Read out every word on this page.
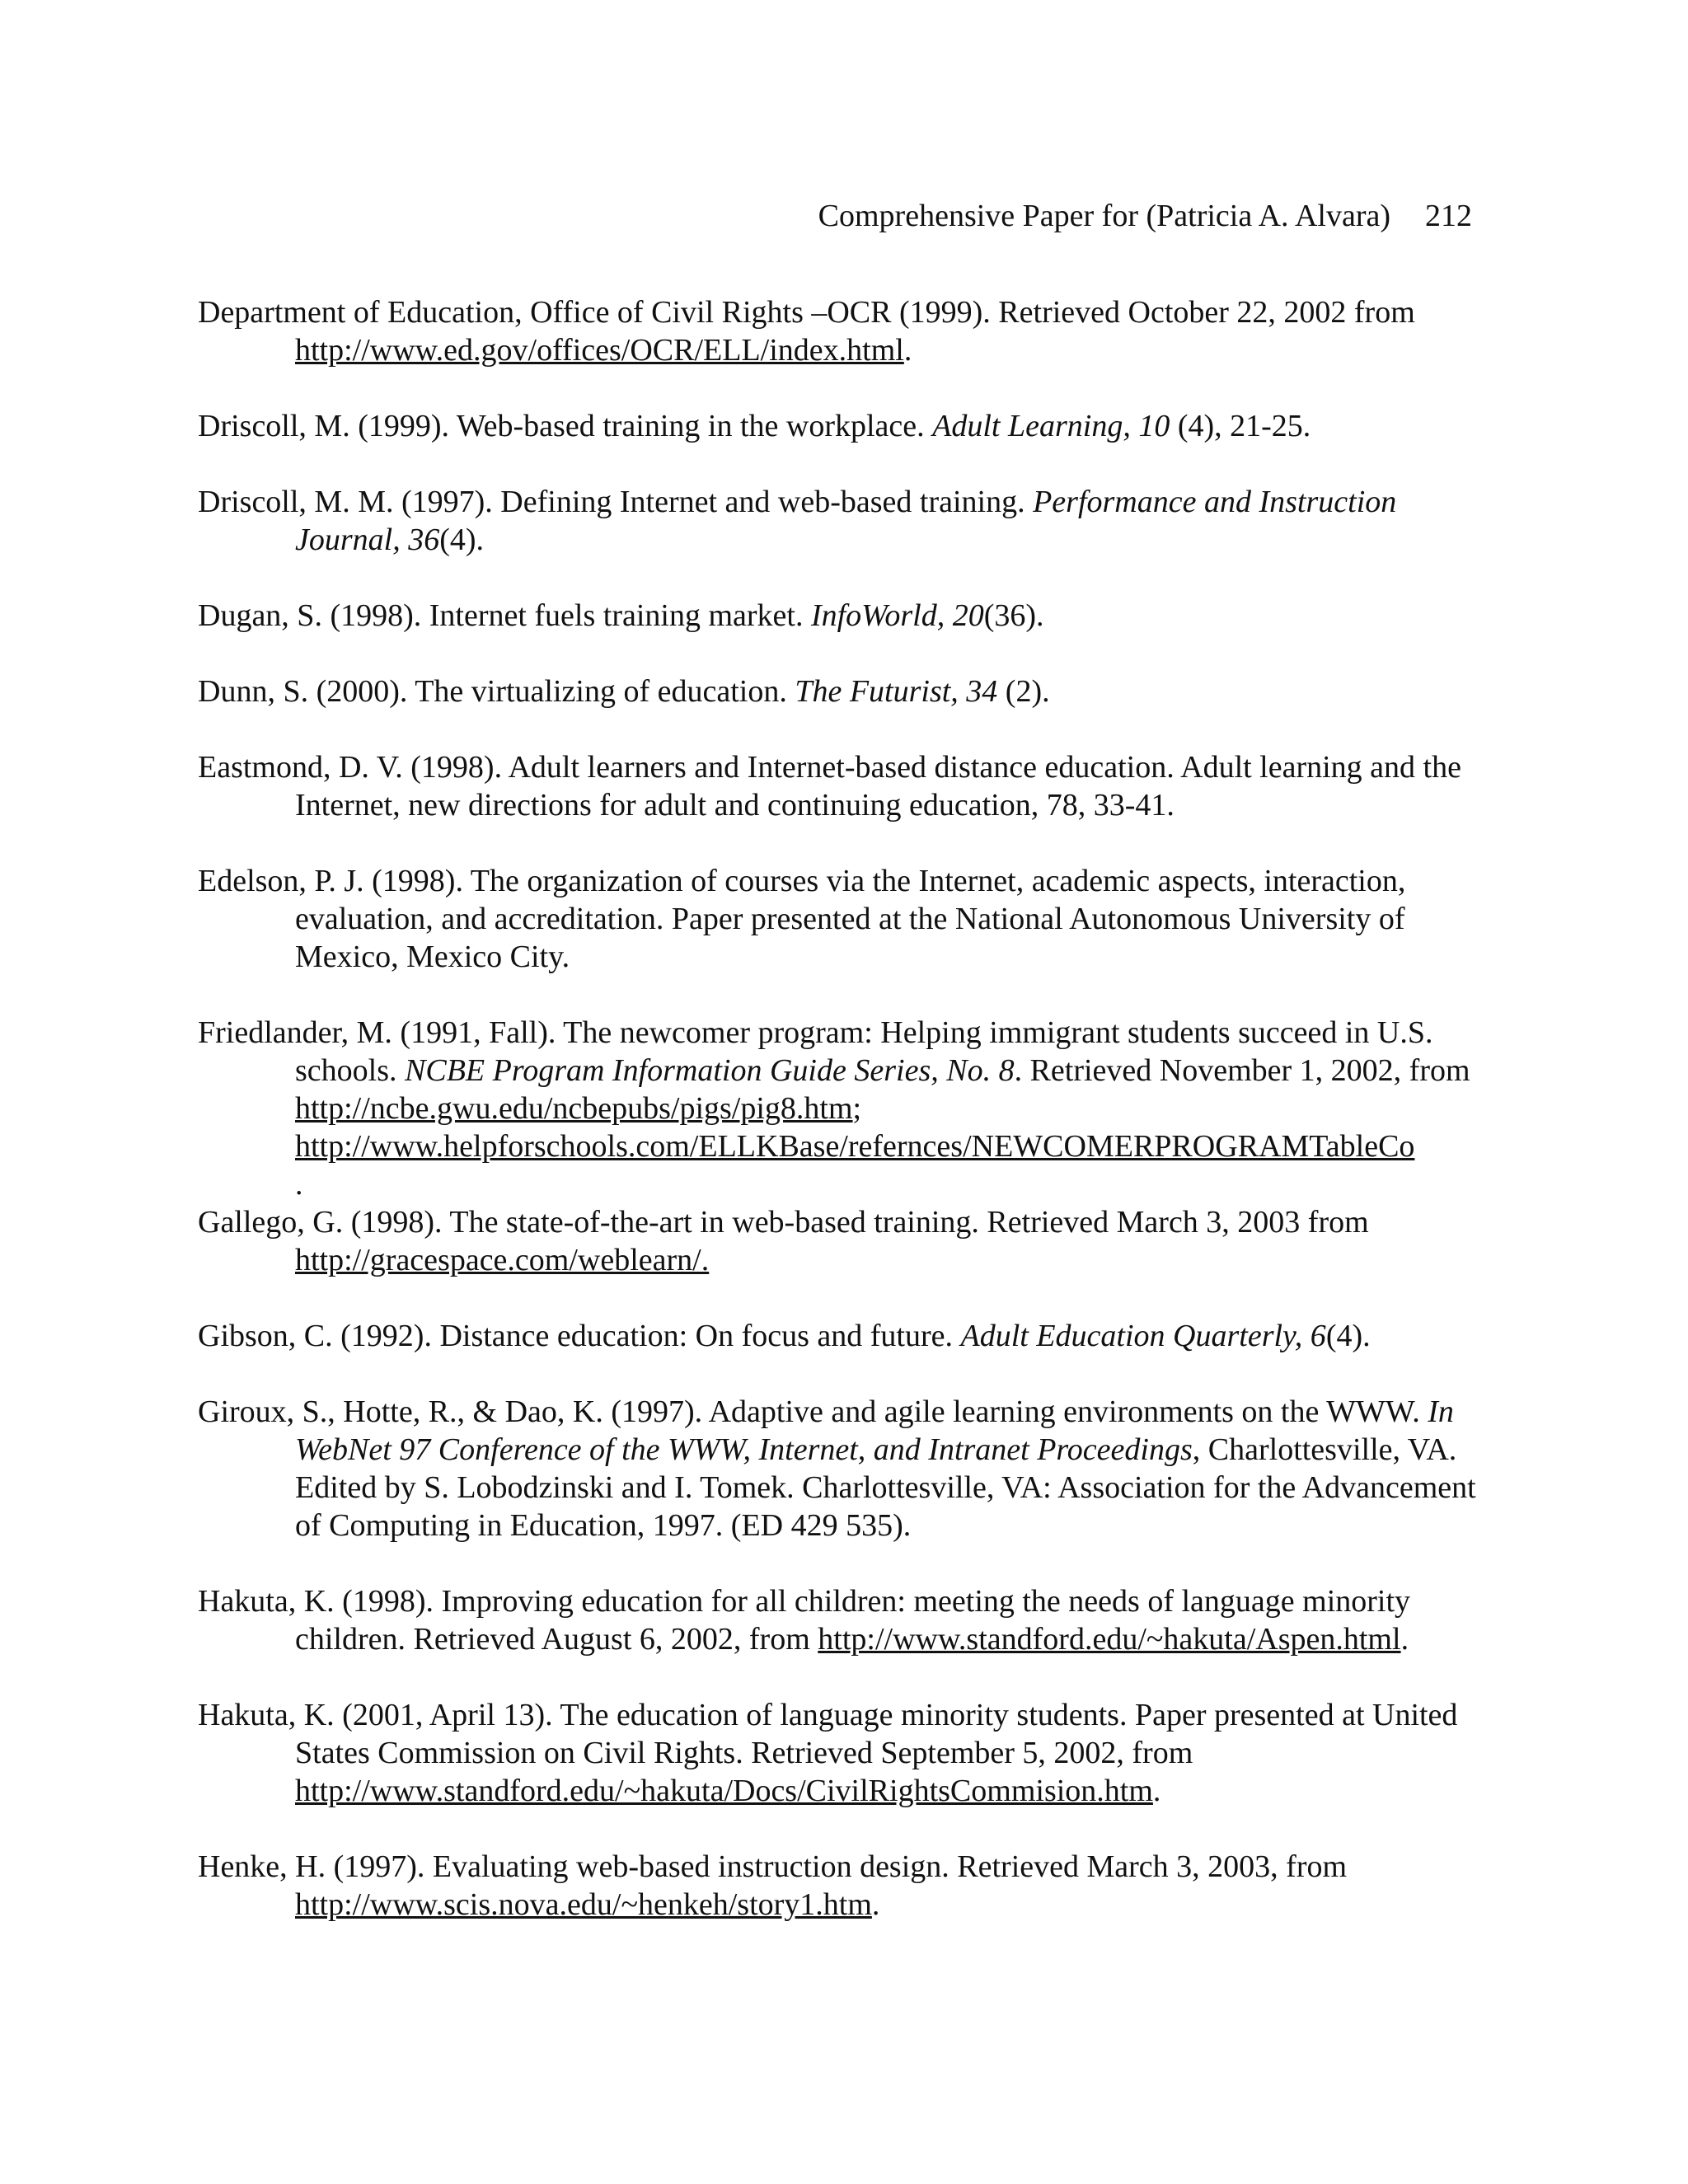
Comprehensive Paper for (Patricia A. Alvara) 212

Department of Education, Office of Civil Rights –OCR (1999). Retrieved October 22, 2002 from http://www.ed.gov/offices/OCR/ELL/index.html.

Driscoll, M. (1999). Web-based training in the workplace. Adult Learning, 10 (4), 21-25.

Driscoll, M. M. (1997). Defining Internet and web-based training. Performance and Instruction Journal, 36(4).

Dugan, S. (1998). Internet fuels training market. InfoWorld, 20(36).

Dunn, S. (2000). The virtualizing of education. The Futurist, 34 (2).

Eastmond, D. V. (1998). Adult learners and Internet-based distance education. Adult learning and the Internet, new directions for adult and continuing education, 78, 33-41.

Edelson, P. J. (1998). The organization of courses via the Internet, academic aspects, interaction, evaluation, and accreditation. Paper presented at the National Autonomous University of Mexico, Mexico City.

Friedlander, M. (1991, Fall). The newcomer program: Helping immigrant students succeed in U.S. schools. NCBE Program Information Guide Series, No. 8. Retrieved November 1, 2002, from http://ncbe.gwu.edu/ncbepubs/pigs/pig8.htm; http://www.helpforschools.com/ELLKBase/refernces/NEWCOMERPROGRAMTableCo
.

Gallego, G. (1998). The state-of-the-art in web-based training. Retrieved March 3, 2003 from http://gracespace.com/weblearn/.

Gibson, C. (1992). Distance education: On focus and future. Adult Education Quarterly, 6(4).

Giroux, S., Hotte, R., & Dao, K. (1997). Adaptive and agile learning environments on the WWW. In WebNet 97 Conference of the WWW, Internet, and Intranet Proceedings, Charlottesville, VA. Edited by S. Lobodzinski and I. Tomek. Charlottesville, VA: Association for the Advancement of Computing in Education, 1997. (ED 429 535).

Hakuta, K. (1998). Improving education for all children: meeting the needs of language minority children. Retrieved August 6, 2002, from http://www.standford.edu/~hakuta/Aspen.html.

Hakuta, K. (2001, April 13). The education of language minority students. Paper presented at United States Commission on Civil Rights. Retrieved September 5, 2002, from http://www.standford.edu/~hakuta/Docs/CivilRightsCommision.htm.

Henke, H. (1997). Evaluating web-based instruction design. Retrieved March 3, 2003, from http://www.scis.nova.edu/~henkeh/story1.htm.
